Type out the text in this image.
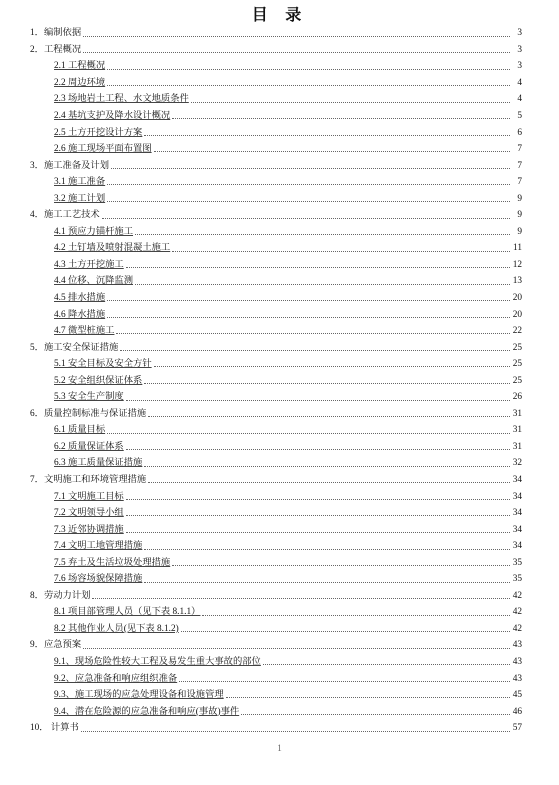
目 录
1．编制依据	3
2．工程概况	3
2.1 工程概况	3
2.2 周边环境	4
2.3 场地岩土工程、水文地质条件	4
2.4 基坑支护及降水设计概况	5
2.5 土方开挖设计方案	6
2.6 施工现场平面布置图	7
3．施工准备及计划	7
3.1 施工准备	7
3.2 施工计划	9
4．施工工艺技术	9
4.1 预应力锚杆施工	9
4.2 土钉墙及喷射混凝土施工	11
4.3 土方开挖施工	12
4.4 位移、沉降监测	13
4.5 排水措施	20
4.6 降水措施	20
4.7 微型桩施工	22
5．施工安全保证措施	25
5.1 安全目标及安全方针	25
5.2 安全组织保证体系	25
5.3 安全生产制度	26
6．质量控制标准与保证措施	31
6.1 质量目标	31
6.2 质量保证体系	31
6.3 施工质量保证措施	32
7．文明施工和环境管理措施	34
7.1 文明施工目标	34
7.2 文明领导小组	34
7.3 近邻协调措施	34
7.4 文明工地管理措施	34
7.5 弃土及生活垃圾处理措施	35
7.6 场容场貌保障措施	35
8．劳动力计划	42
8.1 项目部管理人员（见下表 8.1.1）	42
8.2 其他作业人员(见下表 8.1.2)	42
9．应急预案	43
9.1、现场危险性较大工程及易发生重大事故的部位	43
9.2、应急准备和响应组织准备	43
9.3、施工现场的应急处理设备和设施管理	45
9.4、潜在危险源的应急准备和响应(事故)事件	46
10． 计算书	57
1
